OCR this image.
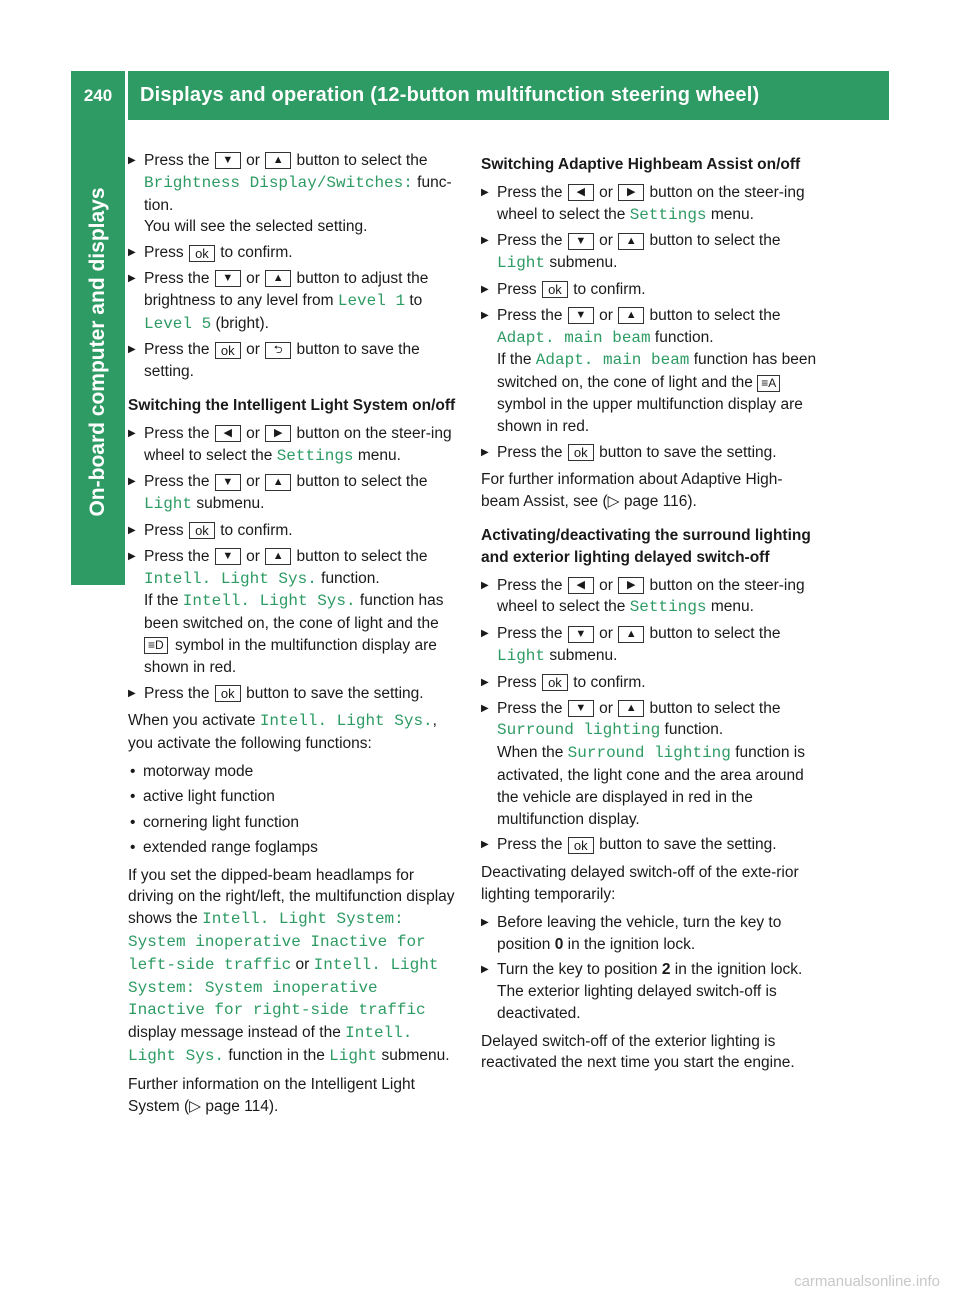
240	Displays and operation (12-button multifunction steering wheel)
On-board computer and displays
▶ Press the ▼ or ▲ button to select the Brightness Display/Switches: func-tion.
You will see the selected setting.
▶ Press ok to confirm.
▶ Press the ▼ or ▲ button to adjust the brightness to any level from Level 1 to Level 5 (bright).
▶ Press the ok or ⮌ button to save the setting.
Switching the Intelligent Light System on/off
▶ Press the ◀ or ▶ button on the steer-ing wheel to select the Settings menu.
▶ Press the ▼ or ▲ button to select the Light submenu.
▶ Press ok to confirm.
▶ Press the ▼ or ▲ button to select the Intell. Light Sys. function.
If the Intell. Light Sys. function has been switched on, the cone of light and the ≡D symbol in the multifunction display are shown in red.
▶ Press the ok button to save the setting.
When you activate Intell. Light Sys., you activate the following functions:
• motorway mode
• active light function
• cornering light function
• extended range foglamps
If you set the dipped-beam headlamps for driving on the right/left, the multifunction display shows the Intell. Light System: System inoperative Inactive for left-side traffic or Intell. Light System: System inoperative Inactive for right-side traffic display message instead of the Intell. Light Sys. function in the Light submenu.
Further information on the Intelligent Light System (▷ page 114).
Switching Adaptive Highbeam Assist on/off
▶ Press the ◀ or ▶ button on the steer-ing wheel to select the Settings menu.
▶ Press the ▼ or ▲ button to select the Light submenu.
▶ Press ok to confirm.
▶ Press the ▼ or ▲ button to select the Adapt. main beam function.
If the Adapt. main beam function has been switched on, the cone of light and the ≡A symbol in the upper multifunction display are shown in red.
▶ Press the ok button to save the setting.
For further information about Adaptive High-beam Assist, see (▷ page 116).
Activating/deactivating the surround lighting and exterior lighting delayed switch-off
▶ Press the ◀ or ▶ button on the steer-ing wheel to select the Settings menu.
▶ Press the ▼ or ▲ button to select the Light submenu.
▶ Press ok to confirm.
▶ Press the ▼ or ▲ button to select the Surround lighting function.
When the Surround lighting function is activated, the light cone and the area around the vehicle are displayed in red in the multifunction display.
▶ Press the ok button to save the setting.
Deactivating delayed switch-off of the exte-rior lighting temporarily:
▶ Before leaving the vehicle, turn the key to position 0 in the ignition lock.
▶ Turn the key to position 2 in the ignition lock.
The exterior lighting delayed switch-off is deactivated.
Delayed switch-off of the exterior lighting is reactivated the next time you start the engine.
carmanualsonline.info
